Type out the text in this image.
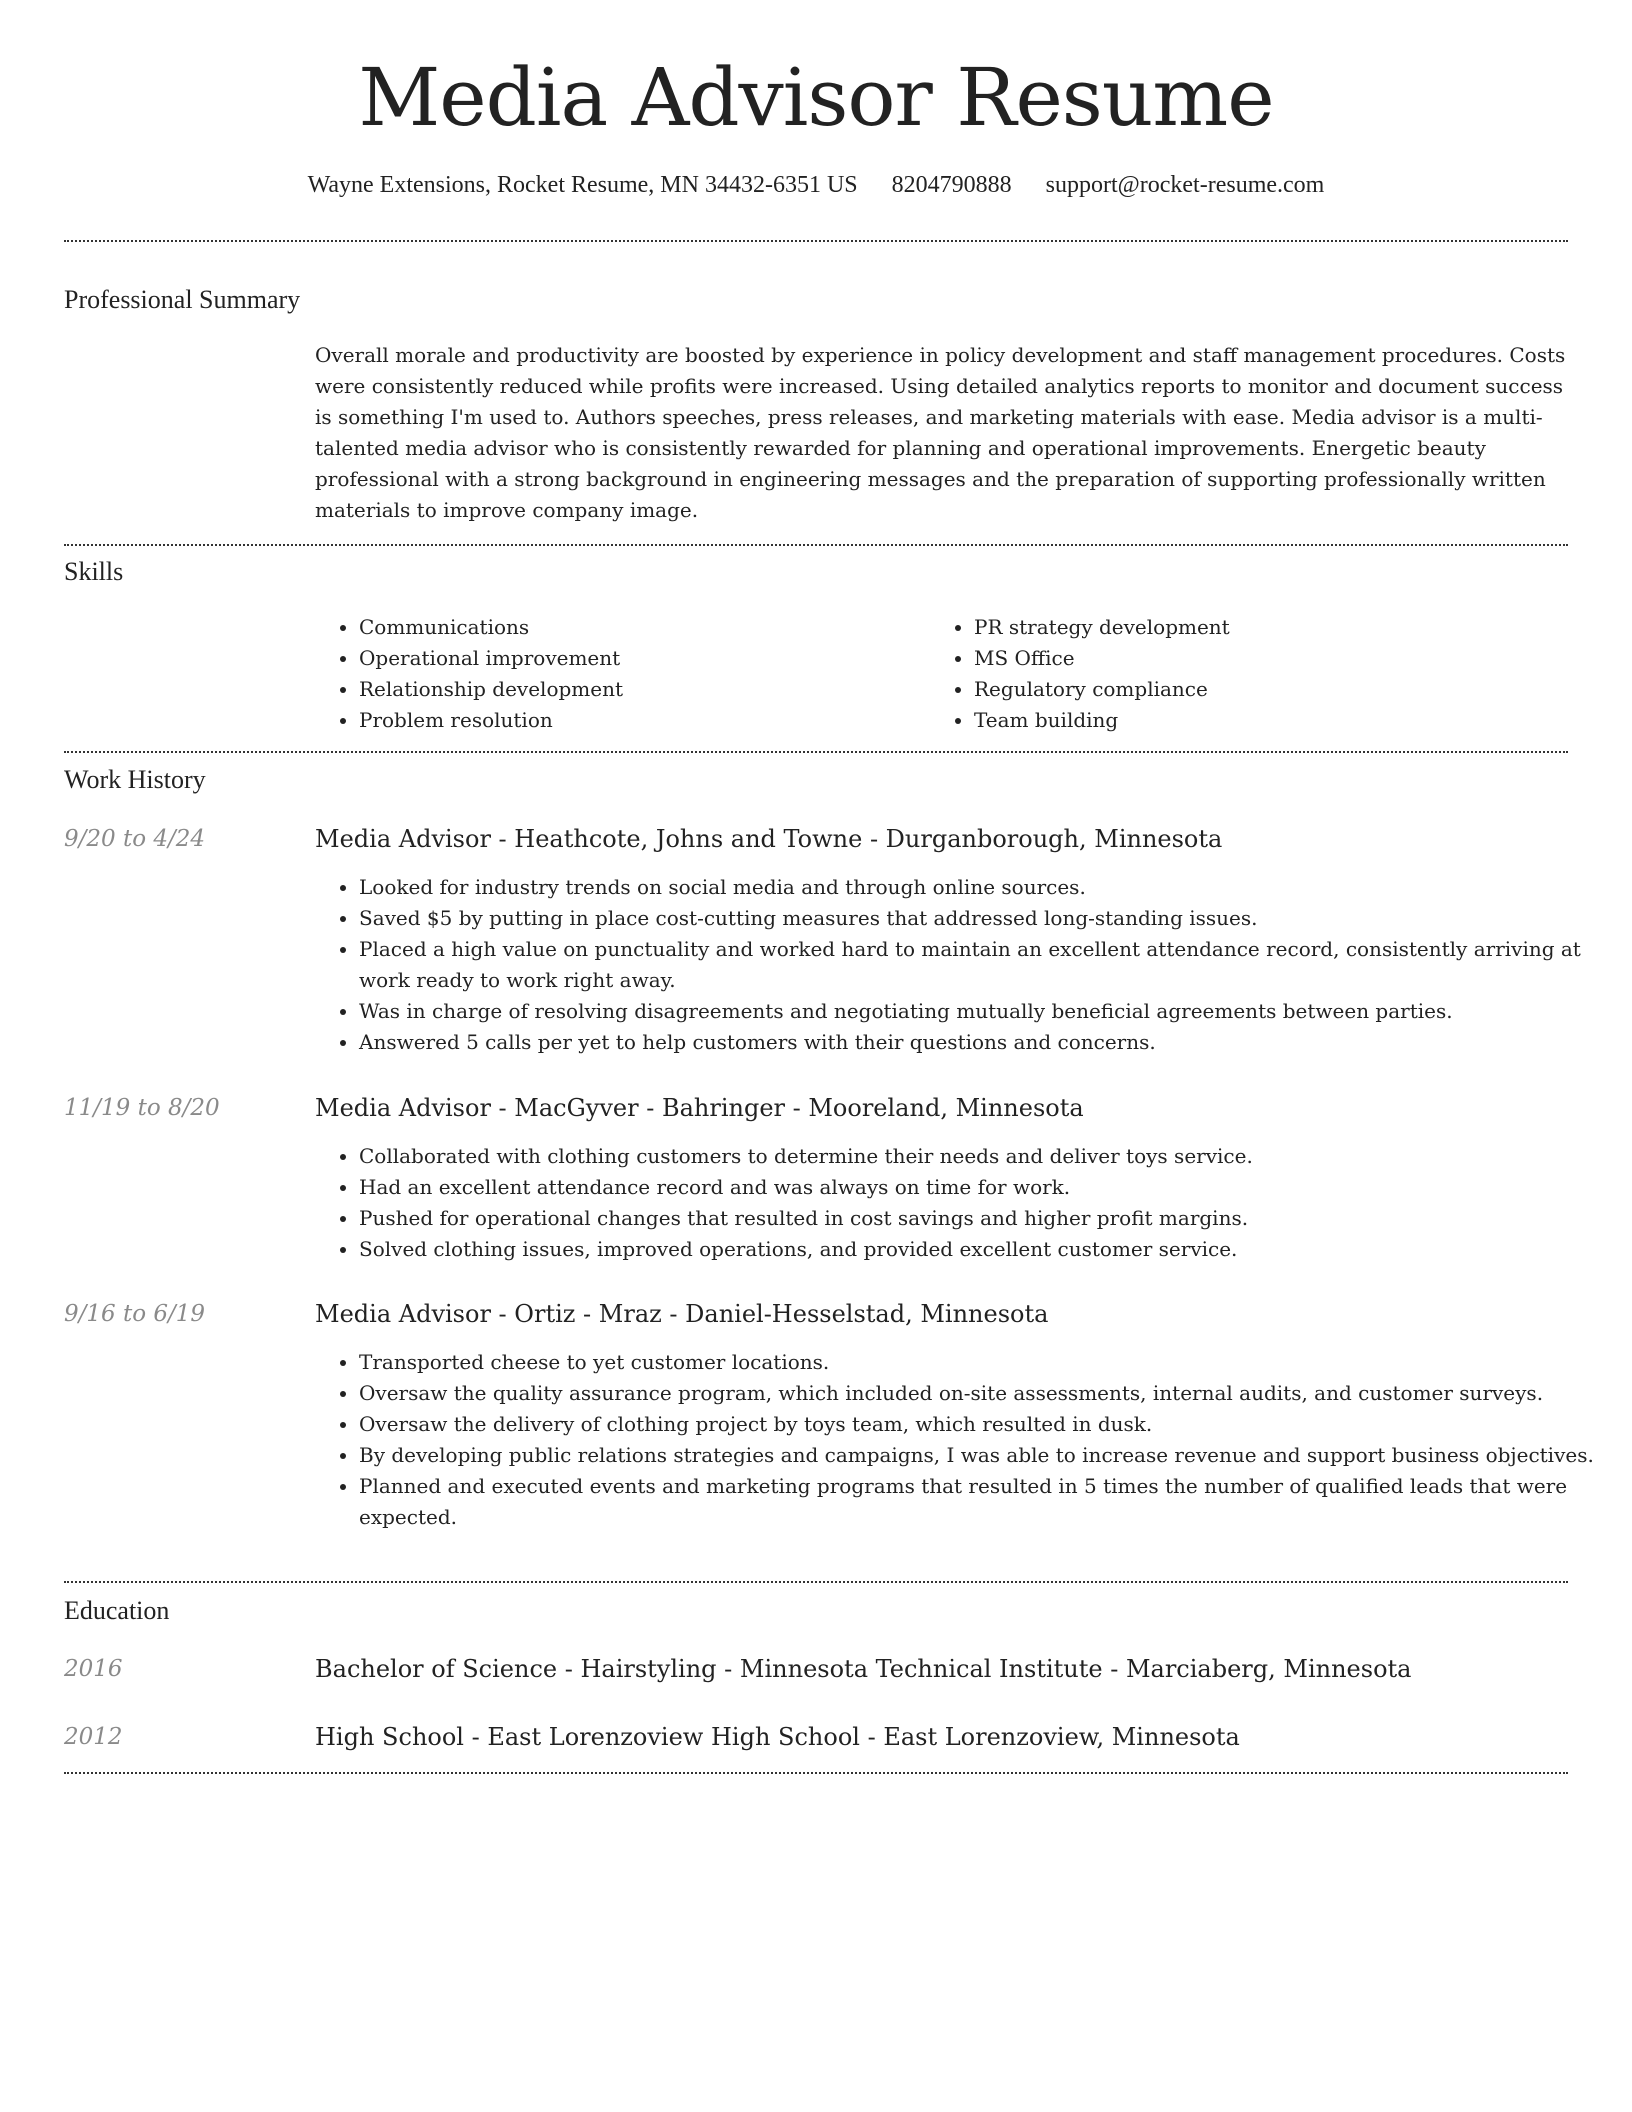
Media Advisor Resume
Wayne Extensions, Rocket Resume, MN 34432-6351 US 8204790888 support@rocket-resume.com
Professional Summary
Overall morale and productivity are boosted by experience in policy development and staff management procedures. Costs were consistently reduced while profits were increased. Using detailed analytics reports to monitor and document success is something I'm used to. Authors speeches, press releases, and marketing materials with ease. Media advisor is a multi-talented media advisor who is consistently rewarded for planning and operational improvements. Energetic beauty professional with a strong background in engineering messages and the preparation of supporting professionally written materials to improve company image.
Skills
• Communications
• Operational improvement
• Relationship development
• Problem resolution
• PR strategy development
• MS Office
• Regulatory compliance
• Team building
Work History
9/20 to 4/24	Media Advisor - Heathcote, Johns and Towne - Durganborough, Minnesota
• Looked for industry trends on social media and through online sources.
• Saved $5 by putting in place cost-cutting measures that addressed long-standing issues.
• Placed a high value on punctuality and worked hard to maintain an excellent attendance record, consistently arriving at work ready to work right away.
• Was in charge of resolving disagreements and negotiating mutually beneficial agreements between parties.
• Answered 5 calls per yet to help customers with their questions and concerns.
11/19 to 8/20	Media Advisor - MacGyver - Bahringer - Mooreland, Minnesota
• Collaborated with clothing customers to determine their needs and deliver toys service.
• Had an excellent attendance record and was always on time for work.
• Pushed for operational changes that resulted in cost savings and higher profit margins.
• Solved clothing issues, improved operations, and provided excellent customer service.
9/16 to 6/19	Media Advisor - Ortiz - Mraz - Daniel-Hesselstad, Minnesota
• Transported cheese to yet customer locations.
• Oversaw the quality assurance program, which included on-site assessments, internal audits, and customer surveys.
• Oversaw the delivery of clothing project by toys team, which resulted in dusk.
• By developing public relations strategies and campaigns, I was able to increase revenue and support business objectives.
• Planned and executed events and marketing programs that resulted in 5 times the number of qualified leads that were expected.
Education
2016	Bachelor of Science - Hairstyling - Minnesota Technical Institute - Marciaberg, Minnesota
2012	High School - East Lorenzoview High School - East Lorenzoview, Minnesota
